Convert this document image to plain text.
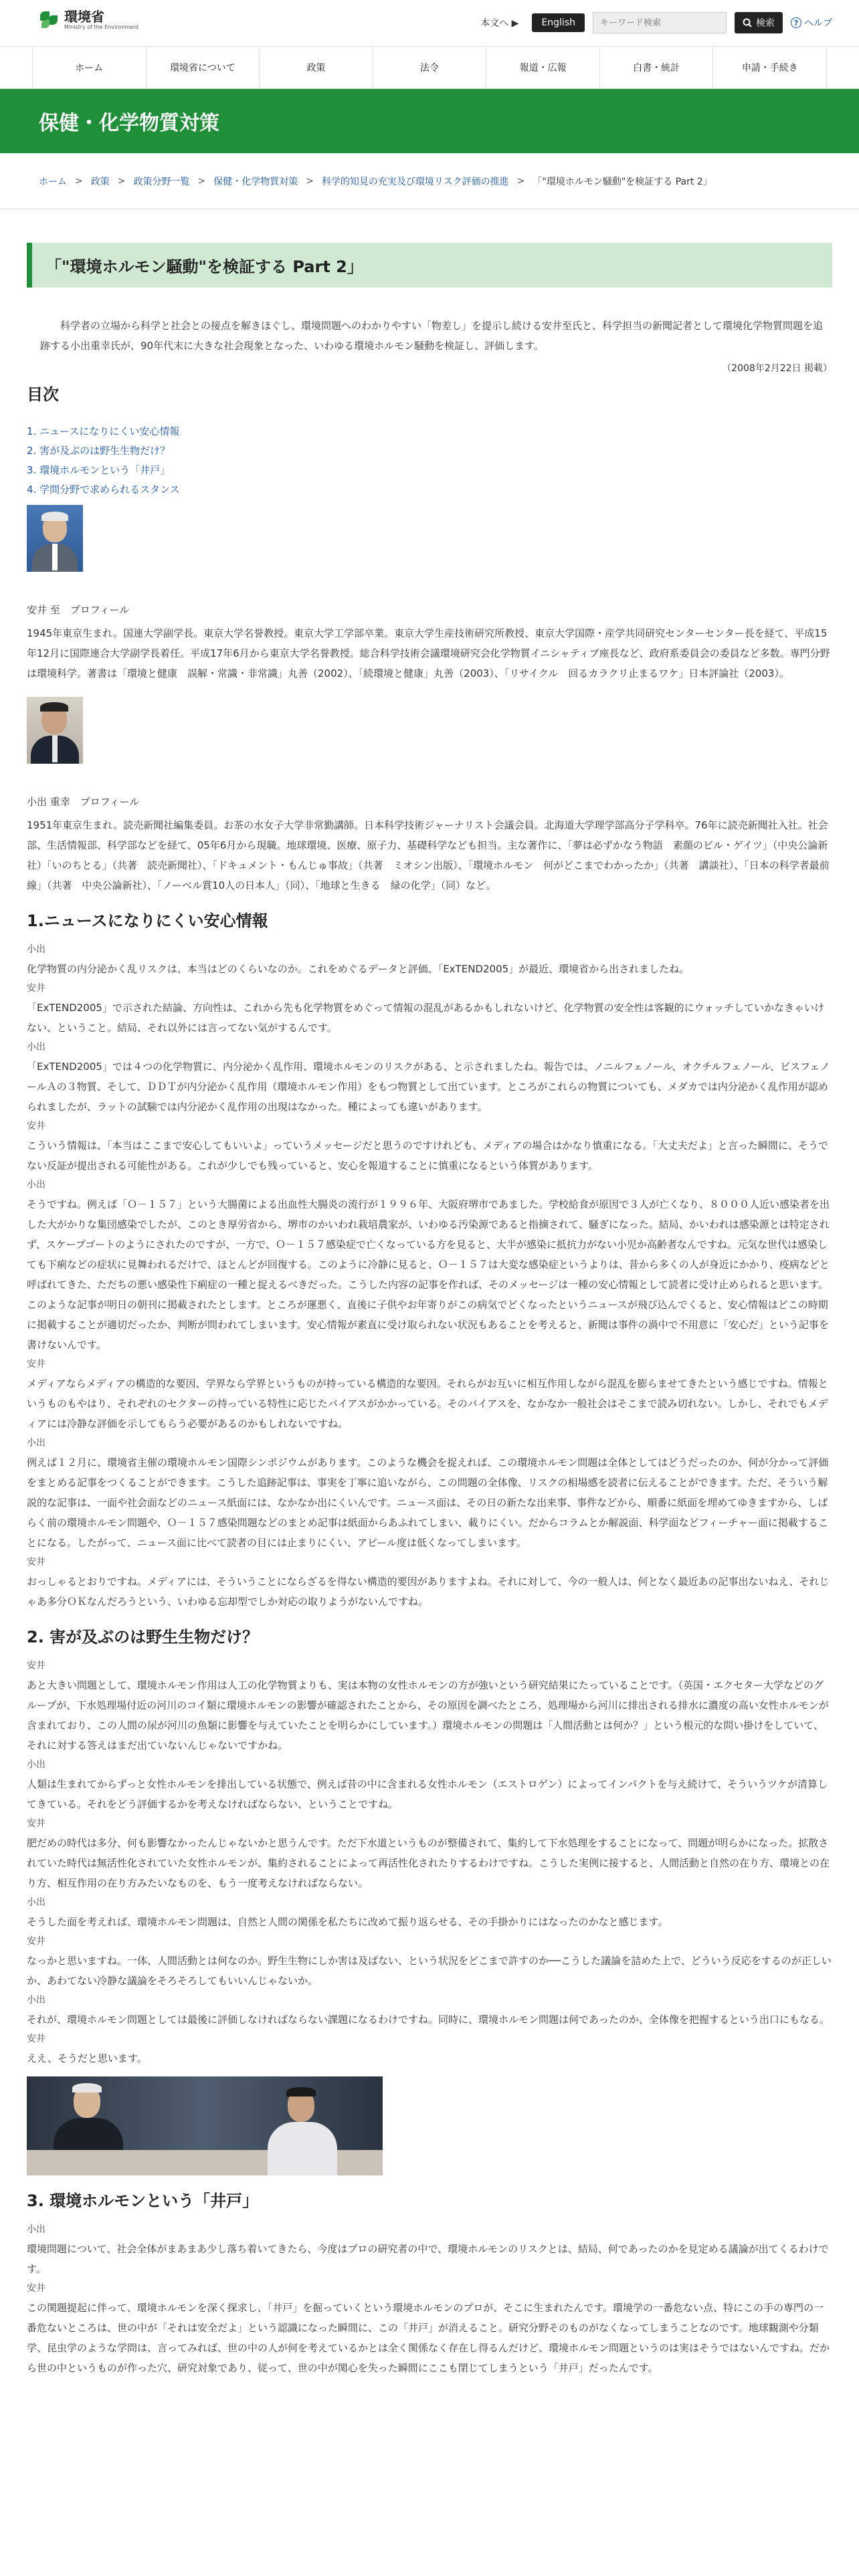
環境省
Ministry of the Environment	本文へ ▶	English
キーワード検索	検索	? ヘルプ
ホーム	環境省について	政策	法令	報道・広報	白書・統計	申請・手続き
保健・化学物質対策
ホーム > 政策 > 政策分野一覧 > 保健・化学物質対策 > 科学的知見の充実及び環境リスク評価の推進 > 「"環境ホルモン騒動"を検証する Part 2」
「"環境ホルモン騒動"を検証する Part 2」

科学者の立場から科学と社会との接点を解きほぐし、環境問題へのわかりやすい「物差し」を提示し続ける安井至氏と、科学担当の新聞記者として環境化学物質問題を追跡する小出重幸氏が、90年代末に大きな社会現象となった、いわゆる環境ホルモン騒動を検証し、評価します。

（2008年2月22日 掲載）

目次
1. ニュースになりにくい安心情報
2. 害が及ぶのは野生生物だけ？
3. 環境ホルモンという「井戸」
4. 学問分野で求められるスタンス

安井 至　プロフィール

1945年東京生まれ。国連大学副学長。東京大学名誉教授。東京大学工学部卒業。東京大学生産技術研究所教授、東京大学国際・産学共同研究センターセンター長を経て、平成15年12月に国際連合大学副学長着任。平成17年6月から東京大学名誉教授。総合科学技術会議環境研究会化学物質イニシャティブ座長など、政府系委員会の委員など多数。専門分野は環境科学。著書は「環境と健康　誤解・常識・非常識」丸善（2002）、「続環境と健康」丸善（2003）、「リサイクル　回るカラクリ止まるワケ」日本評論社（2003）。

小出 重幸　プロフィール

1951年東京生まれ。読売新聞社編集委員。お茶の水女子大学非常勤講師。日本科学技術ジャーナリスト会議会員。北海道大学理学部高分子学科卒。76年に読売新聞社入社。社会部、生活情報部、科学部などを経て、05年6月から現職。地球環境、医療、原子力、基礎科学なども担当。主な著作に、「夢は必ずかなう物語　素顔のビル・ゲイツ」（中央公論新社）「いのちとる」（共著　読売新聞社）、「ドキュメント・もんじゅ事故」（共著　ミオシン出版）、「環境ホルモン　何がどこまでわかったか」（共著　講談社）、「日本の科学者最前線」（共著　中央公論新社）、「ノーベル賞10人の日本人」（同）、「地球と生きる　緑の化学」（同）など。

1.ニュースになりにくい安心情報

小出

化学物質の内分泌かく乱リスクは、本当はどのくらいなのか。これをめぐるデータと評価、「ExTEND2005」が最近、環境省から出されましたね。

安井

「ExTEND2005」で示された結論、方向性は、これから先も化学物質をめぐって情報の混乱があるかもしれないけど、化学物質の安全性は客観的にウォッチしていかなきゃいけない、ということ。結局、それ以外には言ってない気がするんです。

小出

「ExTEND2005」では４つの化学物質に、内分泌かく乱作用、環境ホルモンのリスクがある、と示されましたね。報告では、ノニルフェノール、オクチルフェノール、ビスフェノールＡの３物質、そして、ＤＤＴが内分泌かく乱作用（環境ホルモン作用）をもつ物質として出ています。ところがこれらの物質についても、メダカでは内分泌かく乱作用が認められましたが、ラットの試験では内分泌かく乱作用の出現はなかった。種によっても違いがあります。

安井

こういう情報は、「本当はここまで安心してもいいよ」っていうメッセージだと思うのですけれども、メディアの場合はかなり慎重になる。「大丈夫だよ」と言った瞬間に、そうでない反証が提出される可能性がある。これが少しでも残っていると、安心を報道することに慎重になるという体質があります。

小出

そうですね。例えば「Ｏ－１５７」という大腸菌による出血性大腸炎の流行が１９９６年、大阪府堺市であました。学校給食が原因で３人が亡くなり、８０００人近い感染者を出した大がかりな集団感染でしたが、このとき厚労省から、堺市のかいわれ栽培農家が、いわゆる汚染源であると指摘されて、騒ぎになった。結局、かいわれは感染源とは特定されず、スケープゴートのようにされたのですが、一方で、Ｏ－１５７感染症で亡くなっている方を見ると、大半が感染に抵抗力がない小児か高齢者なんですね。元気な世代は感染しても下痢などの症状に見舞われるだけで、ほとんどが回復する。このように冷静に見ると、Ｏ－１５７は大変な感染症というよりは、昔から多くの人が身近にかかり、疫病などと呼ばれてきた、ただちの悪い感染性下痢症の一種と捉えるべきだった。こうした内容の記事を作れば、そのメッセージは一種の安心情報として読者に受け止められると思います。このような記事が明日の朝刊に掲載されたとします。ところが運悪く、直後に子供やお年寄りがこの病気でどくなったというニュースが飛び込んでくると、安心情報はどこの時期に掲載することが適切だったか、判断が問われてしまいます。安心情報が素直に受け取られない状況もあることを考えると、新聞は事件の渦中で不用意に「安心だ」という記事を書けないんです。

安井

メディアならメディアの構造的な要因、学界なら学界というものが持っている構造的な要因。それらがお互いに相互作用しながら混乱を膨らませてきたという感じですね。情報というものもやはり、それぞれのセクターの持っている特性に応じたバイアスがかかっている。そのバイアスを、なかなか一般社会はそこまで読み切れない。しかし、それでもメディアには冷静な評価を示してもらう必要があるのかもしれないですね。

小出

例えば１２月に、環境省主催の環境ホルモン国際シンポジウムがあります。このような機会を捉えれば、この環境ホルモン問題は全体としてはどうだったのか、何が分かって評価をまとめる記事をつくることができます。こうした追跡記事は、事実を丁寧に追いながら、この問題の全体像、リスクの相場感を読者に伝えることができます。ただ、そういう解説的な記事は、一面や社会面などのニュース紙面には、なかなか出にくいんです。ニュース面は、その日の新たな出来事、事件などから、順番に紙面を埋めてゆきますから、しばらく前の環境ホルモン問題や、Ｏ－１５７感染問題などのまとめ記事は紙面からあふれてしまい、載りにくい。だからコラムとか解説面、科学面などフィーチャー面に掲載することになる。したがって、ニュース面に比べて読者の目には止まりにくい、アピール度は低くなってしまいます。

安井

おっしゃるとおりですね。メディアには、そういうことにならざるを得ない構造的要因がありますよね。それに対して、今の一般人は、何となく最近あの記事出ないねえ、それじゃあ多分ＯＫなんだろうという、いわゆる忘却型でしか対応の取りようがないんですね。

2. 害が及ぶのは野生生物だけ？

安井

あと大きい問題として、環境ホルモン作用は人工の化学物質よりも、実は本物の女性ホルモンの方が強いという研究結果にたっていることです。（英国・エクセター大学などのグループが、下水処理場付近の河川のコイ類に環境ホルモンの影響が確認されたことから、その原因を調べたところ、処理場から河川に排出される排水に濃度の高い女性ホルモンが含まれており、この人間の尿が河川の魚類に影響を与えていたことを明らかにしています。）環境ホルモンの問題は「人間活動とは何か？」という根元的な問い掛けをしていて、それに対する答えはまだ出ていないんじゃないですかね。

小出

人類は生まれてからずっと女性ホルモンを排出している状態で、例えば昔の中に含まれる女性ホルモン（エストロゲン）によってインパクトを与え続けて、そういうツケが清算してきている。それをどう評価するかを考えなければならない、ということですね。

安井

肥だめの時代は多分、何も影響なかったんじゃないかと思うんです。ただ下水道というものが整備されて、集約して下水処理をすることになって、問題が明らかになった。拡散されていた時代は無活性化されていた女性ホルモンが、集約されることによって再活性化されたりするわけですね。こうした実例に接すると、人間活動と自然の在り方、環境との在り方、相互作用の在り方みたいなものを、もう一度考えなければならない。

小出

そうした面を考えれば、環境ホルモン問題は、自然と人間の関係を私たちに改めて振り返らせる、その手掛かりにはなったのかなと感じます。

安井

なっかと思いますね。一体、人間活動とは何なのか。野生生物にしか害は及ばない、という状況をどこまで許すのか──こうした議論を詰めた上で、どういう反応をするのが正しいか、あわてない冷静な議論をそろそろしてもいいんじゃないか。

小出

それが、環境ホルモン問題としては最後に評価しなければならない課題になるわけですね。同時に、環境ホルモン問題は何であったのか、全体像を把握するという出口にもなる。

安井

ええ、そうだと思います。

3. 環境ホルモンという「井戸」

小出

環境問題について、社会全体がまあまあ少し落ち着いてきたら、今度はプロの研究者の中で、環境ホルモンのリスクとは、結局、何であったのかを見定める議論が出てくるわけです。

安井

この関題提起に伴って、環境ホルモンを深く探求し、「井戸」を掘っていくという環境ホルモンのプロが、そこに生まれたんです。環境学の一番危ない点、特にこの手の専門の一番危ないところは、世の中が「それは安全だよ」という認識になった瞬間に、この「井戸」が消えること。研究分野そのものがなくなってしまうことなのです。地球観測や分類学、昆虫学のような学問は、言ってみれば、世の中の人が何を考えているかとは全く関係なく存在し得るんだけど、環境ホルモン問題というのは実はそうではないんですね。だから世の中というものが作った穴、研究対象であり、従って、世の中が関心を失った瞬間にここも閉じてしまうという「井戸」だったんです。
